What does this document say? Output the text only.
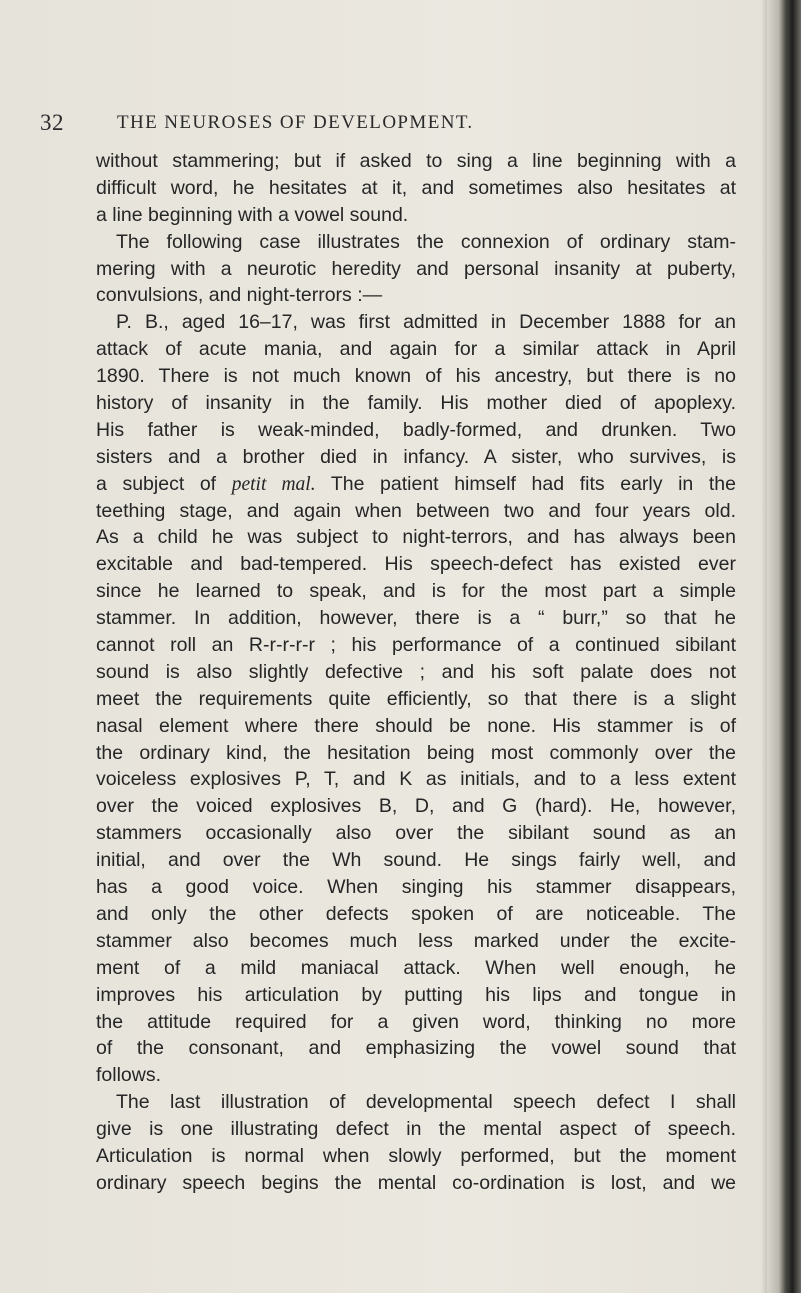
32	THE NEUROSES OF DEVELOPMENT.
without stammering; but if asked to sing a line beginning with a
difficult word, he hesitates at it, and sometimes also hesitates at
a line beginning with a vowel sound.
The following case illustrates the connexion of ordinary stam-
mering with a neurotic heredity and personal insanity at puberty,
convulsions, and night-terrors :—
P. B., aged 16–17, was first admitted in December 1888 for an
attack of acute mania, and again for a similar attack in April
1890. There is not much known of his ancestry, but there is no
history of insanity in the family. His mother died of apoplexy.
His father is weak-minded, badly-formed, and drunken. Two
sisters and a brother died in infancy. A sister, who survives, is
a subject of petit mal. The patient himself had fits early in the
teething stage, and again when between two and four years old.
As a child he was subject to night-terrors, and has always been
excitable and bad-tempered. His speech-defect has existed ever
since he learned to speak, and is for the most part a simple
stammer. In addition, however, there is a “ burr,” so that he
cannot roll an R-r-r-r-r ; his performance of a continued sibilant
sound is also slightly defective ; and his soft palate does not
meet the requirements quite efficiently, so that there is a slight
nasal element where there should be none. His stammer is of
the ordinary kind, the hesitation being most commonly over the
voiceless explosives P, T, and K as initials, and to a less extent
over the voiced explosives B, D, and G (hard). He, however,
stammers occasionally also over the sibilant sound as an
initial, and over the Wh sound. He sings fairly well, and
has a good voice. When singing his stammer disappears,
and only the other defects spoken of are noticeable. The
stammer also becomes much less marked under the excite-
ment of a mild maniacal attack. When well enough, he
improves his articulation by putting his lips and tongue in
the attitude required for a given word, thinking no more
of the consonant, and emphasizing the vowel sound that
follows.
The last illustration of developmental speech defect I shall
give is one illustrating defect in the mental aspect of speech.
Articulation is normal when slowly performed, but the moment
ordinary speech begins the mental co-ordination is lost, and we
